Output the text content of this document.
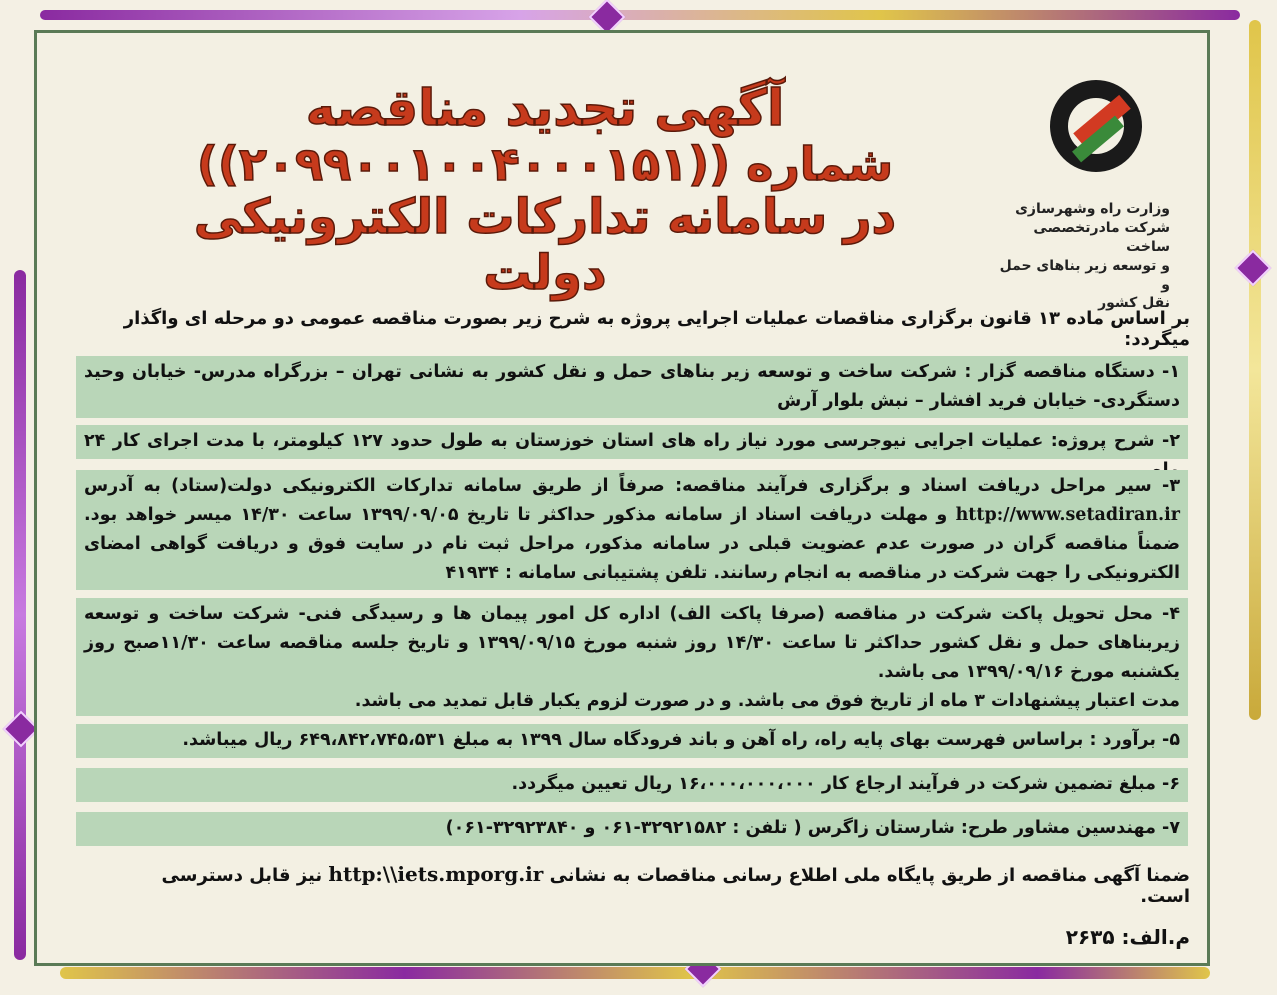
وزارت راه وشهرسازی
شرکت مادرتخصصی ساخت
و توسعه زیر بناهای حمل و
نقل کشور
آگهی تجدید مناقصه
شماره ((۲۰۹۹۰۰۱۰۰۴۰۰۰۱۵۱))
در سامانه تدارکات الکترونیکی دولت
بر اساس ماده ۱۳ قانون برگزاری مناقصات عملیات اجرایی پروژه به شرح زیر بصورت مناقصه عمومی دو مرحله ای واگذار میگردد:
۱- دستگاه مناقصه گزار : شرکت ساخت و توسعه زیر بناهای حمل و نقل کشور به نشانی تهران – بزرگراه مدرس- خیابان وحید دستگردی- خیابان فرید افشار – نبش بلوار آرش
۲- شرح پروژه: عملیات اجرایی نیوجرسی مورد نیاز راه های استان خوزستان به طول حدود ۱۲۷ کیلومتر، با مدت اجرای کار ۲۴
۳- سیر مراحل دریافت اسناد و برگزاری فرآیند مناقصه: صرفاً از طریق سامانه تدارکات الکترونیکی دولت(ستاد) به آدرس http://www.setadiran.ir و مهلت دریافت اسناد از سامانه مذکور حداکثر تا تاریخ ۱۳۹۹/۰۹/۰۵ ساعت ۱۴/۳۰ میسر خواهد بود. ضمناً مناقصه گران در صورت عدم عضویت قبلی در سامانه مذکور، مراحل ثبت نام در سایت فوق و دریافت گواهی امضای الکترونیکی را جهت شرکت در مناقصه به انجام رسانند. تلفن پشتیبانی سامانه : ۴۱۹۳۴
۴- محل تحویل پاکت شرکت در مناقصه (صرفا پاکت الف) اداره کل امور پیمان ها و رسیدگی فنی- شرکت ساخت و توسعه زیربناهای حمل و نقل کشور حداکثر تا ساعت ۱۴/۳۰ روز شنبه مورخ ۱۳۹۹/۰۹/۱۵ و تاریخ جلسه مناقصه ساعت ۱۱/۳۰صبح روز یکشنبه مورخ ۱۳۹۹/۰۹/۱۶ می باشد.
مدت اعتبار پیشنهادات ۳ ماه از تاریخ فوق می باشد. و در صورت لزوم یکبار قابل تمدید می باشد.
۵- برآورد : براساس فهرست بهای پایه راه، راه آهن و باند فرودگاه سال ۱۳۹۹ به مبلغ ۶۴۹،۸۴۲،۷۴۵،۵۳۱ ریال میباشد.
۶- مبلغ تضمین شرکت در فرآیند ارجاع کار ۱۶،۰۰۰،۰۰۰،۰۰۰ ریال تعیین میگردد.
۷- مهندسین مشاور طرح: شارستان زاگرس ( تلفن : ۳۲۹۲۱۵۸۲-۰۶۱ و ۳۲۹۲۳۸۴۰-۰۶۱)
ضمنا آگهی مناقصه از طریق پایگاه ملی اطلاع رسانی مناقصات به نشانی http:\\iets.mporg.ir نیز قابل دسترسی است.
م.الف: ۲۶۳۵
